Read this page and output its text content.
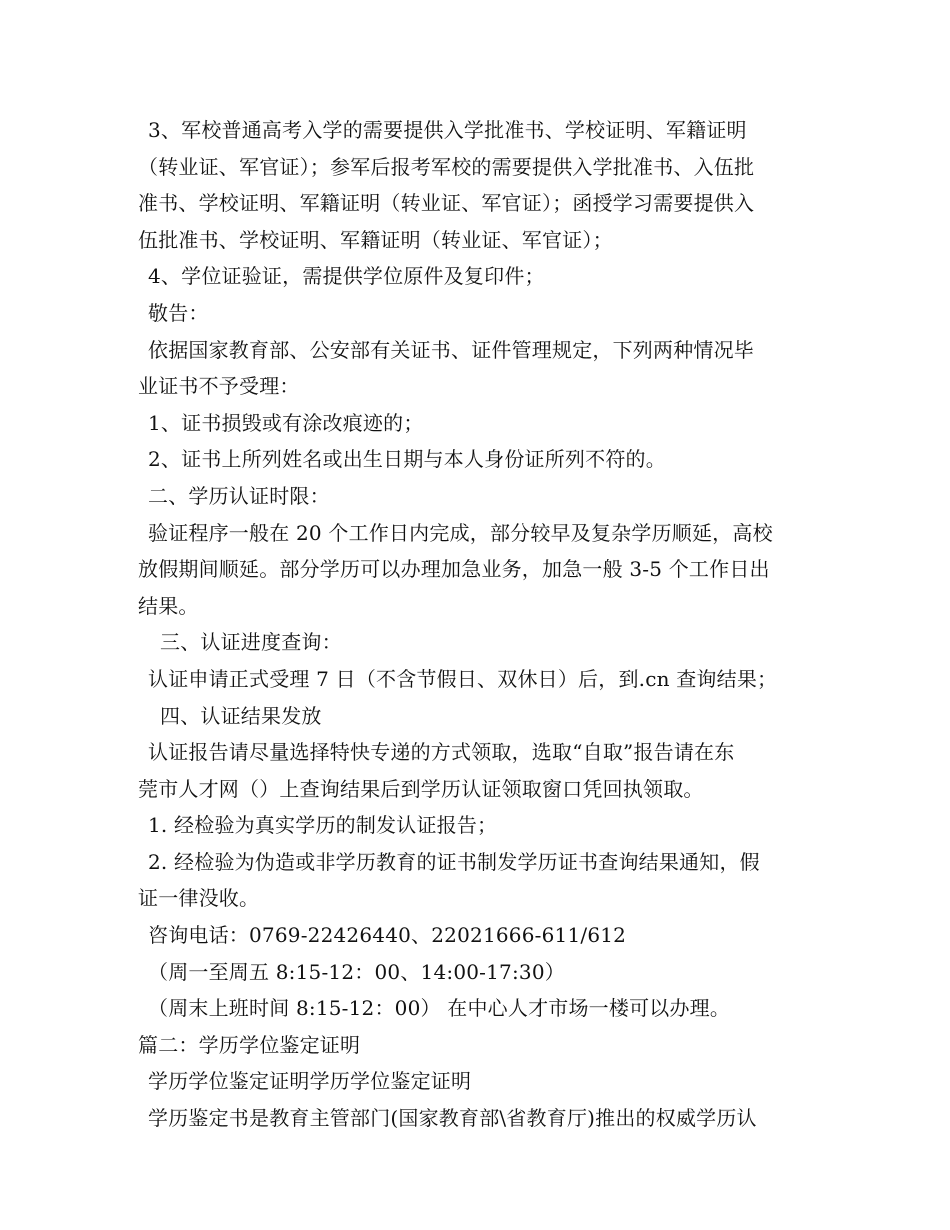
3、军校普通高考入学的需要提供入学批准书、学校证明、军籍证明
（转业证、军官证）；参军后报考军校的需要提供入学批准书、入伍批
准书、学校证明、军籍证明（转业证、军官证）；函授学习需要提供入
伍批准书、学校证明、军籍证明（转业证、军官证）；
4、学位证验证，需提供学位原件及复印件；
敬告：
依据国家教育部、公安部有关证书、证件管理规定，下列两种情况毕
业证书不予受理：
1、证书损毁或有涂改痕迹的；
2、证书上所列姓名或出生日期与本人身份证所列不符的。
二、学历认证时限：
验证程序一般在 20 个工作日内完成，部分较早及复杂学历顺延，高校
放假期间顺延。部分学历可以办理加急业务，加急一般 3-5 个工作日出
结果。
三、认证进度查询：
认证申请正式受理 7 日（不含节假日、双休日）后，到.cn 查询结果；
四、认证结果发放
认证报告请尽量选择特快专递的方式领取，选取“自取”报告请在东
莞市人才网（）上查询结果后到学历认证领取窗口凭回执领取。
1. 经检验为真实学历的制发认证报告；
2. 经检验为伪造或非学历教育的证书制发学历证书查询结果通知，假
证一律没收。
咨询电话：0769-22426440、22021666-611/612
（周一至周五 8:15-12：00、14:00-17:30）
（周末上班时间 8:15-12：00） 在中心人才市场一楼可以办理。
篇二：学历学位鉴定证明
学历学位鉴定证明学历学位鉴定证明
学历鉴定书是教育主管部门(国家教育部\省教育厅)推出的权威学历认
